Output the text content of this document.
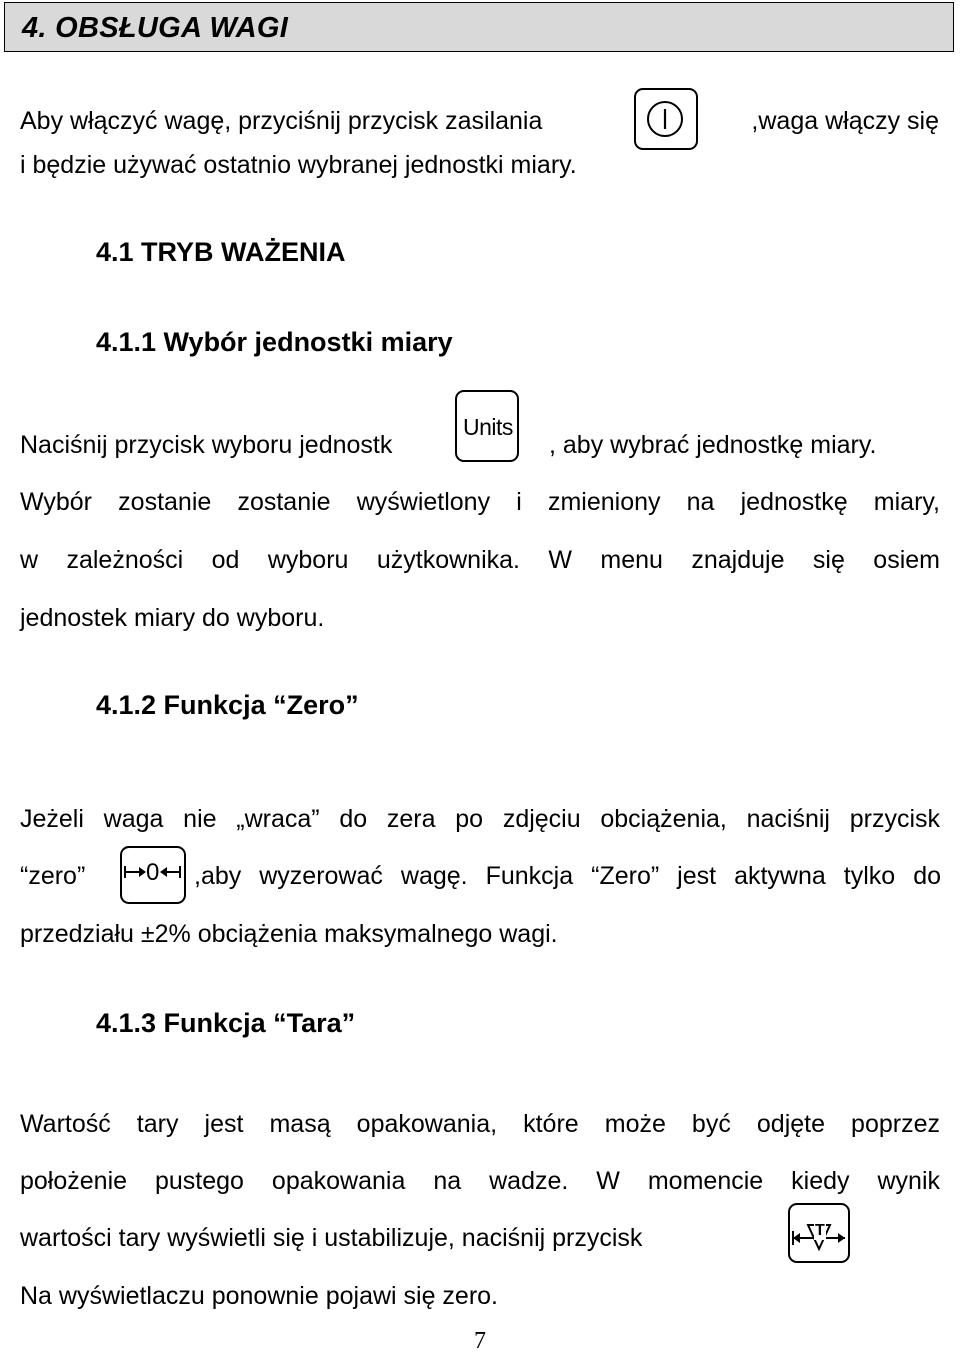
4. OBSŁUGA WAGI
Aby włączyć wagę, przyciśnij przycisk zasilania	,waga włączy się
i będzie używać ostatnio wybranej jednostki miary.
4.1 TRYB WAŻENIA
4.1.1 Wybór jednostki miary
Naciśnij przycisk wyboru jednostk
Units
, aby wybrać jednostkę miary.
Wybór zostanie zostanie wyświetlony i zmieniony na jednostkę miary,
w zależności od wyboru użytkownika. W menu znajduje się osiem
jednostek miary do wyboru.
4.1.2 Funkcja “Zero”
Jeżeli waga nie „wraca” do zera po zdjęciu obciążenia, naciśnij przycisk
“zero”	0 ,aby wyzerować wagę. Funkcja “Zero” jest aktywna tylko do
przedziału ±2% obciążenia maksymalnego wagi.
4.1.3 Funkcja “Tara”
Wartość tary jest masą opakowania, które może być odjęte poprzez
położenie pustego opakowania na wadze. W momencie kiedy wynik
wartości tary wyświetli się i ustabilizuje, naciśnij przycisk	T
Na wyświetlaczu ponownie pojawi się zero.
7
